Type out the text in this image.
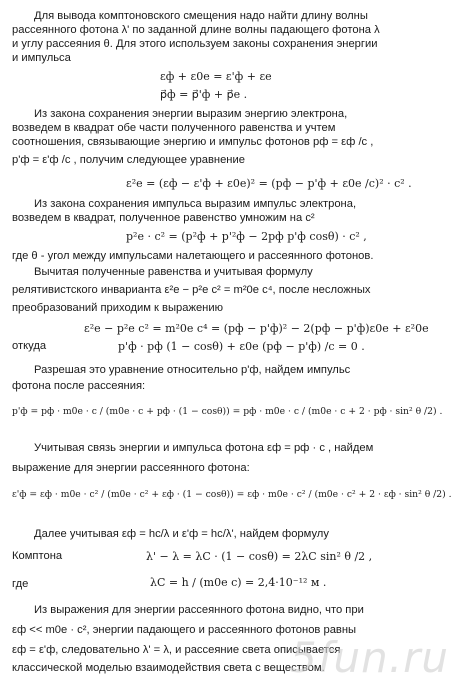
Для вывода комптоновского смещения надо найти длину волны
рассеянного фотона λ' по заданной длине волны падающего фотона λ
и углу рассеяния θ. Для этого используем законы сохранения энергии
и импульса
εф + ε0e = ε'ф + εe
p⃗ф = p⃗'ф + p⃗e .
Из закона сохранения энергии выразим энергию электрона,
возведем в квадрат обе части полученного равенства и учтем
соотношения, связывающие энергию и импульс фотонов pф = εф /c ,
p'ф = ε'ф /c , получим следующее уравнение
ε²e = (εф − ε'ф + ε0e)² = (pф − p'ф + ε0e /c)² · c² .
Из закона сохранения импульса выразим импульс электрона,
возведем в квадрат, полученное равенство умножим на c²
p²e · c² = (p²ф + p'²ф − 2pф p'ф cosθ) · c² ,
где θ - угол между импульсами налетающего и рассеянного фотонов.
Вычитая полученные равенства и учитывая формулу
релятивистского инварианта ε²e − p²e c² = m²0e c⁴, после несложных
преобразований приходим к выражению
ε²e − p²e c² = m²0e c⁴ = (pф − p'ф)² − 2(pф − p'ф)ε0e + ε²0e
откуда	p'ф · pф (1 − cosθ) + ε0e (pф − p'ф) /c = 0 .
Разрешая это уравнение относительно p'ф, найдем импульс
фотона после рассеяния:
p'ф = pф · m0e · c / (m0e · c + pф · (1 − cosθ)) = pф · m0e · c / (m0e · c + 2 · pф · sin² θ /2) .
Учитывая связь энергии и импульса фотона εф = pф · c , найдем
выражение для энергии рассеянного фотона:
ε'ф = εф · m0e · c² / (m0e · c² + εф · (1 − cosθ)) = εф · m0e · c² / (m0e · c² + 2 · εф · sin² θ /2) .
Далее учитывая εф = hc/λ и ε'ф = hc/λ', найдем формулу
Комптона	λ' − λ = λC · (1 − cosθ) = 2λC sin² θ /2 ,
где	λC = h / (m0e c) = 2,4·10⁻¹² м .
Из выражения для энергии рассеянного фотона видно, что при
εф << m0e · c², энергии падающего и рассеянного фотонов равны
εф = ε'ф, следовательно λ' = λ, и рассеяние света описывается
классической моделью взаимодействия света с веществом.
5fun.ru
